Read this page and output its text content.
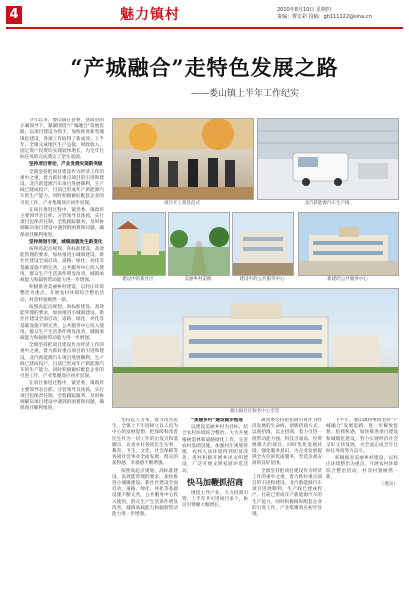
4	魅力镇村	2010年8月10日 星期四
责编：曹宏彩 投稿：gh111122@sina.cn
“产城融合”走特色发展之路
——娄山镇上半年工作纪实

今年以来，娄山镇在县委、县政府的正确领导下，紧紧围绕“产城融合”发展思路，以项目建设为抓手，加快推进新型城镇化建设，各项工作取得了新成效。上半年，全镇完成地区生产总值、财政收入、固定资产投资均实现较快增长，为全年目标任务的完成奠定了坚实基础。

坚持项目带动，产业发展实现新突破

全镇坚持把项目建设作为经济工作的重中之重，着力抓好重点项目的引进和建设。北汽新能源汽车项目进展顺利，生产线已建成投产，目前已形成年产新能源汽车的生产能力。同时积极做好配套企业的引进工作，产业集聚效应初步显现。

在项目推进过程中，镇党委、镇政府主要领导亲自抓、分管领导具体抓，实行项目包保责任制，全程跟踪服务，及时协调解决项目建设中遇到的困难和问题，确保项目顺利推进。

坚持规划引领，城镇面貌发生新变化

按照高起点规划、高标准建设、高效能管理的要求，加快推进小城镇建设。新社区建设全面启动，道路、绿化、亮化等基础设施不断完善，公共服务中心投入使用，群众生产生活条件明显改善，城镇承载能力和辐射带动能力进一步增强。

积极推进美丽乡村建设，以村庄环境整治为重点，开展农村环境综合整治活动，村容村貌焕然一新。

按照高起点规划、高标准建设、高效能管理的要求，加快推进小城镇建设。新社区建设全面启动，道路、绿化、亮化等基础设施不断完善，公共服务中心投入使用，群众生产生活条件明显改善，城镇承载能力和辐射带动能力进一步增强。

全镇坚持把项目建设作为经济工作的重中之重，着力抓好重点项目的引进和建设。北汽新能源汽车项目进展顺利，生产线已建成投产，目前已形成年产新能源汽车的生产能力。同时积极做好配套企业的引进工作，产业集聚效应初步显现。

在项目推进过程中，镇党委、镇政府主要领导亲自抓、分管领导具体抓，实行项目包保责任制，全程跟踪服务，及时协调解决项目建设中遇到的困难和问题，确保项目顺利推进。

项目开工奠基仪式	北汽新能源汽车生产线
建设中的新社区	美丽乡村道路	建设中的公共服务中心	新建的公共服务中心
娄山镇社区服务中心全景

坚持以人为本，着力改善民生。全镇上下牢固树立以人民为中心的发展思想，把保障和改善民生作为一切工作的出发点和落脚点，认真办好各项民生实事，教育、卫生、文化、社会保障等各项社会事业全面发展，群众的获得感、幸福感不断增强。

按照高起点规划、高标准建设、高效能管理的要求，加快推进小城镇建设。新社区建设全面启动，道路、绿化、亮化等基础设施不断完善，公共服务中心投入使用，群众生产生活条件明显改善，城镇承载能力和辐射带动能力进一步增强。

“美丽乡村”建设稳步推进

以建设美丽乡村为目标，结合农村环境综合整治，大力开展植树造林和道路绿化工作，完善农村基础设施，加强村庄规划管理，农村人居环境得到明显改善。各村积极开展乡风文明建设，广泛开展文明家庭评选活动。

快马加鞭抓招商

围绕主导产业，大力招商引资，上半年共引进项目多个，协议引资额大幅增长。

镇党委坚持把招商引资作为经济发展的生命线，创新招商方式，以商招商、以企招商，着力引进一批带动能力强、科技含量高、投资规模大的项目。同时优化发展环境，强化服务意识，为企业发展提供全方位的优质服务，营造亲商安商的良好氛围。

全镇坚持把项目建设作为经济工作的重中之重，着力抓好重点项目的引进和建设。北汽新能源汽车项目进展顺利，生产线已建成投产，目前已形成年产新能源汽车的生产能力。同时积极做好配套企业的引进工作，产业集聚效应初步显现。

下半年，娄山镇将继续坚持“产城融合”发展思路，进一步解放思想、抢抓机遇，加快推进项目建设和城镇化建设，努力实现经济社会又好又快发展，为全面完成全年目标任务而努力奋斗。

积极推进美丽乡村建设，以村庄环境整治为重点，开展农村环境综合整治活动，村容村貌焕然一新。

（娄宣）
